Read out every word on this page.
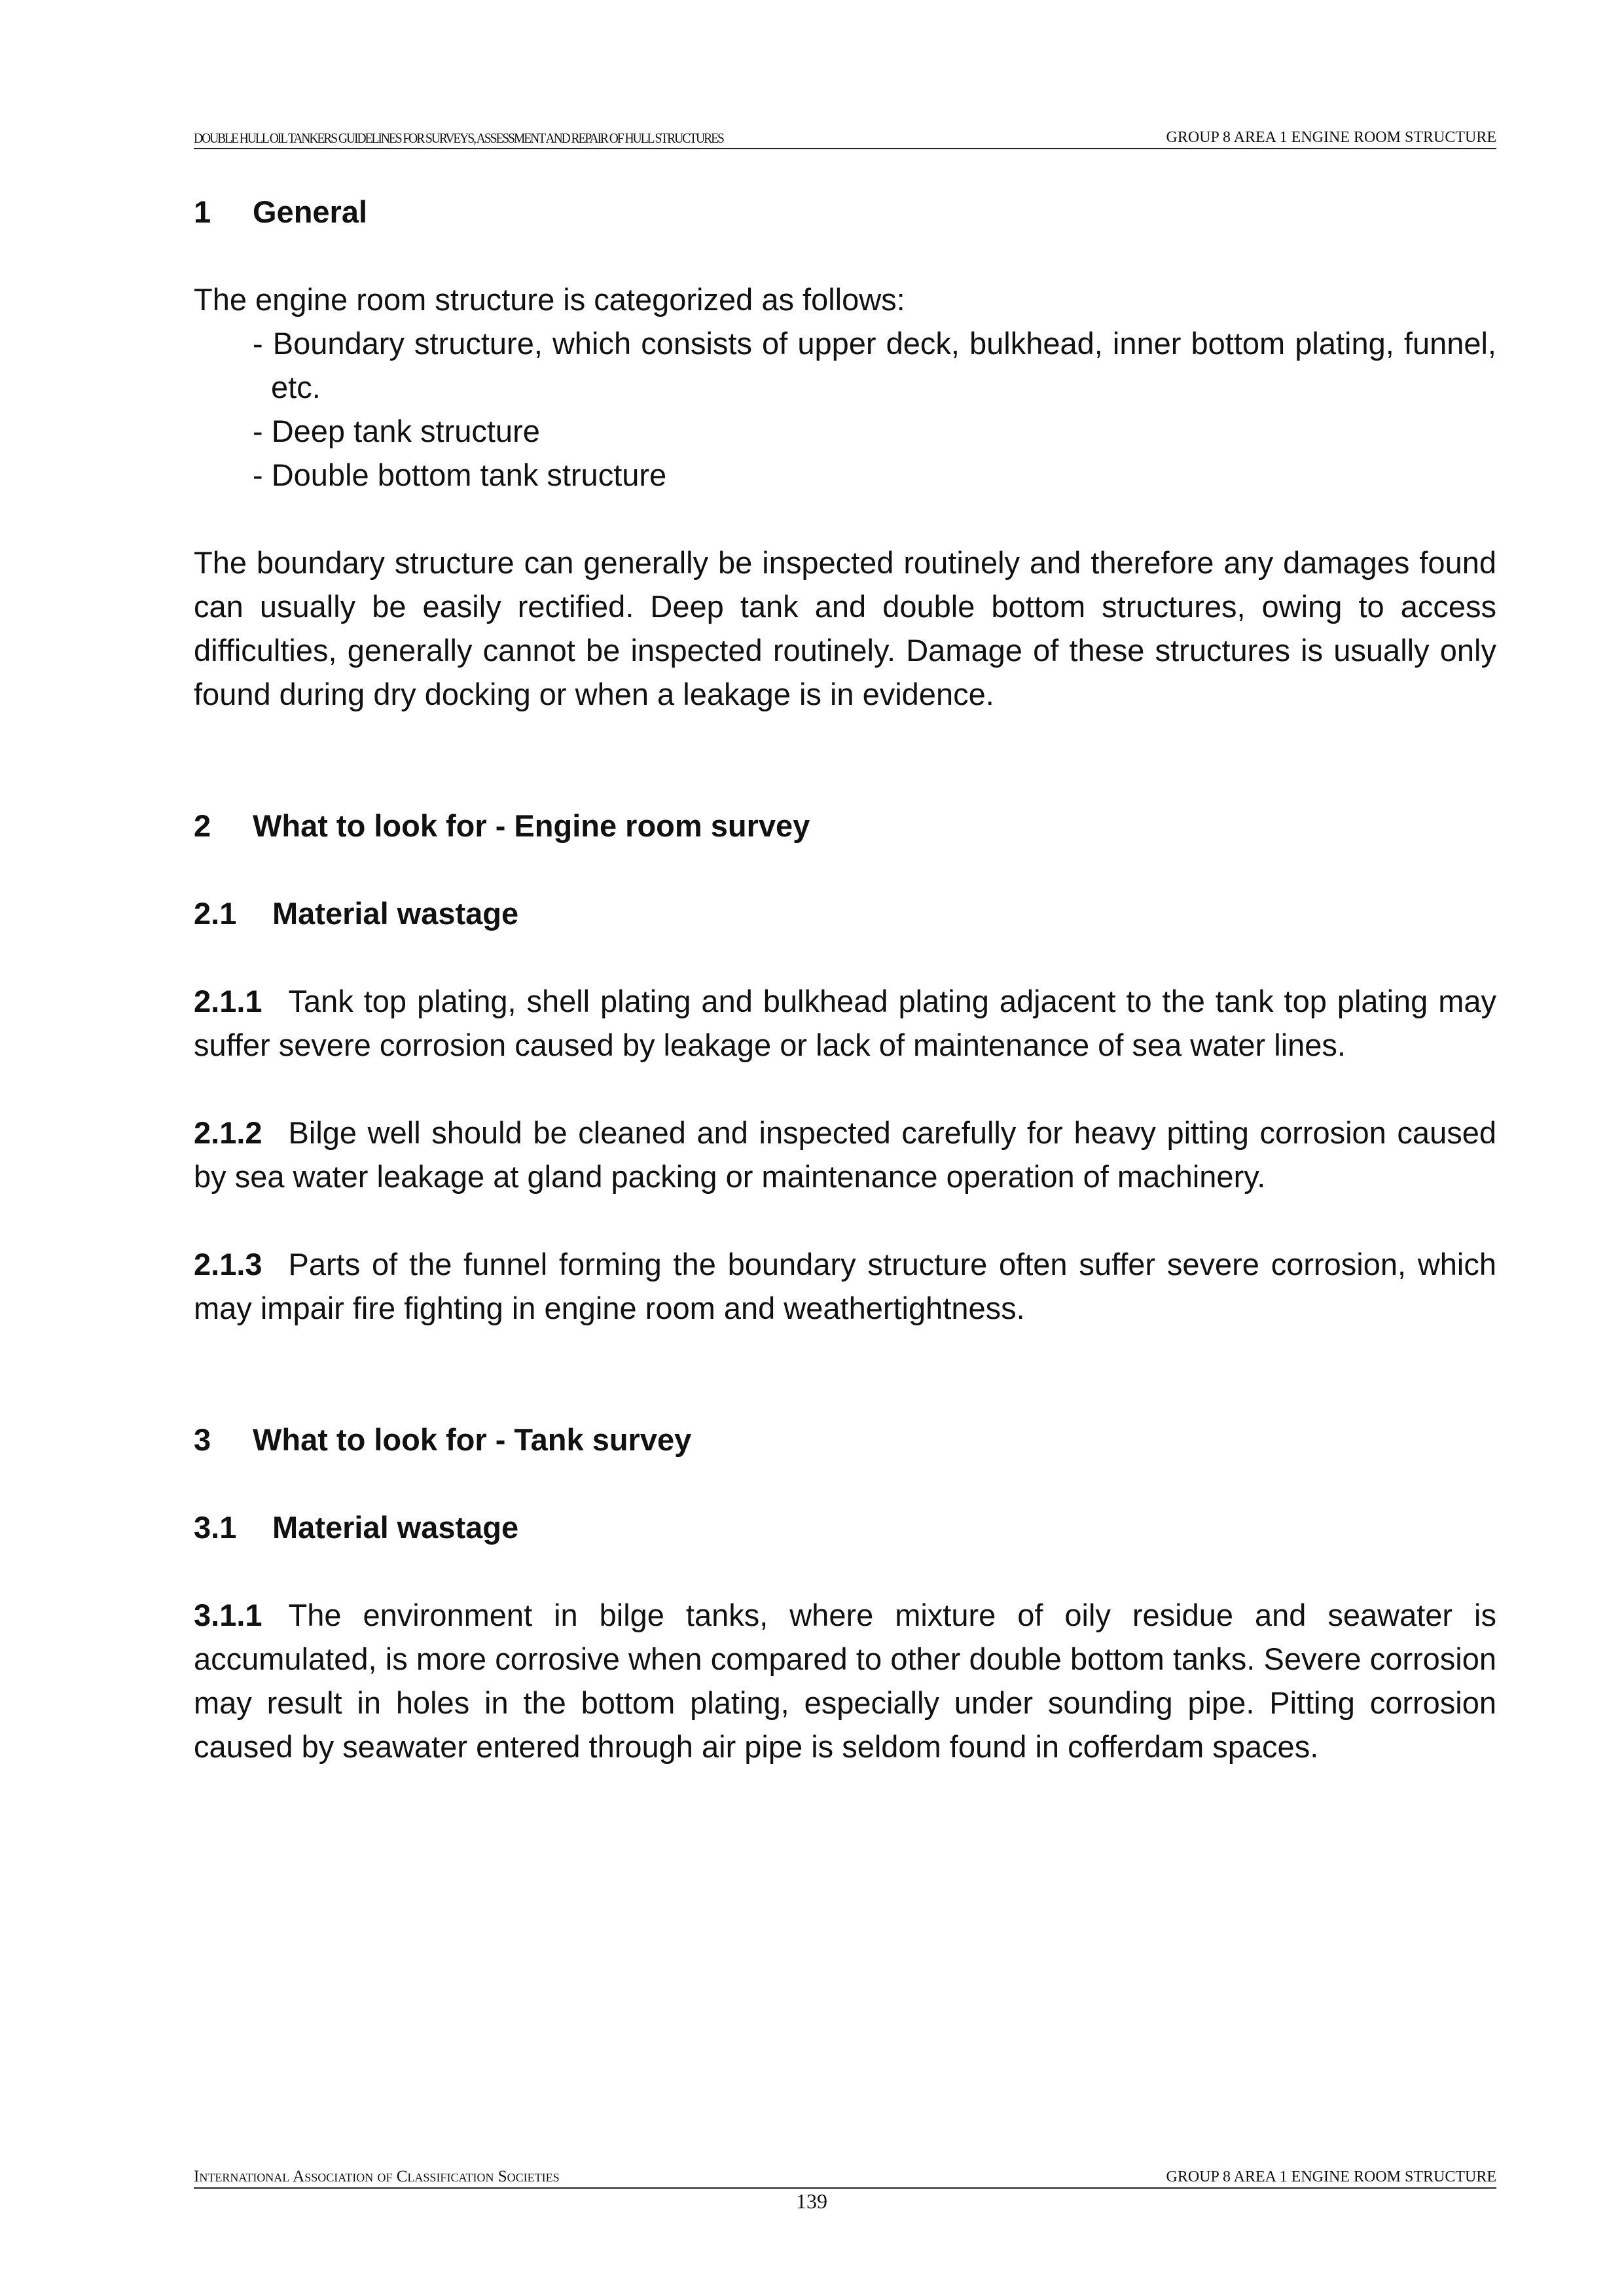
DOUBLE HULL OIL TANKERS GUIDELINES FOR SURVEYS, ASSESSMENT AND REPAIR OF HULL STRUCTURES	GROUP 8 AREA 1 ENGINE ROOM STRUCTURE
1 General

The engine room structure is categorized as follows:

- Boundary structure, which consists of upper deck, bulkhead, inner bottom plating, funnel, etc.
- Deep tank structure
- Double bottom tank structure

The boundary structure can generally be inspected routinely and therefore any damages found can usually be easily rectified. Deep tank and double bottom structures, owing to access difficulties, generally cannot be inspected routinely. Damage of these structures is usually only found during dry docking or when a leakage is in evidence.

2 What to look for - Engine room survey
2.1 Material wastage

2.1.1 Tank top plating, shell plating and bulkhead plating adjacent to the tank top plating may suffer severe corrosion caused by leakage or lack of maintenance of sea water lines.

2.1.2 Bilge well should be cleaned and inspected carefully for heavy pitting corrosion caused by sea water leakage at gland packing or maintenance operation of machinery.

2.1.3 Parts of the funnel forming the boundary structure often suffer severe corrosion, which may impair fire fighting in engine room and weathertightness.

3 What to look for - Tank survey
3.1 Material wastage

3.1.1 The environment in bilge tanks, where mixture of oily residue and seawater is accumulated, is more corrosive when compared to other double bottom tanks. Severe corrosion may result in holes in the bottom plating, especially under sounding pipe. Pitting corrosion caused by seawater entered through air pipe is seldom found in cofferdam spaces.

International Association of Classification Societies	GROUP 8 AREA 1 ENGINE ROOM STRUCTURE
139
